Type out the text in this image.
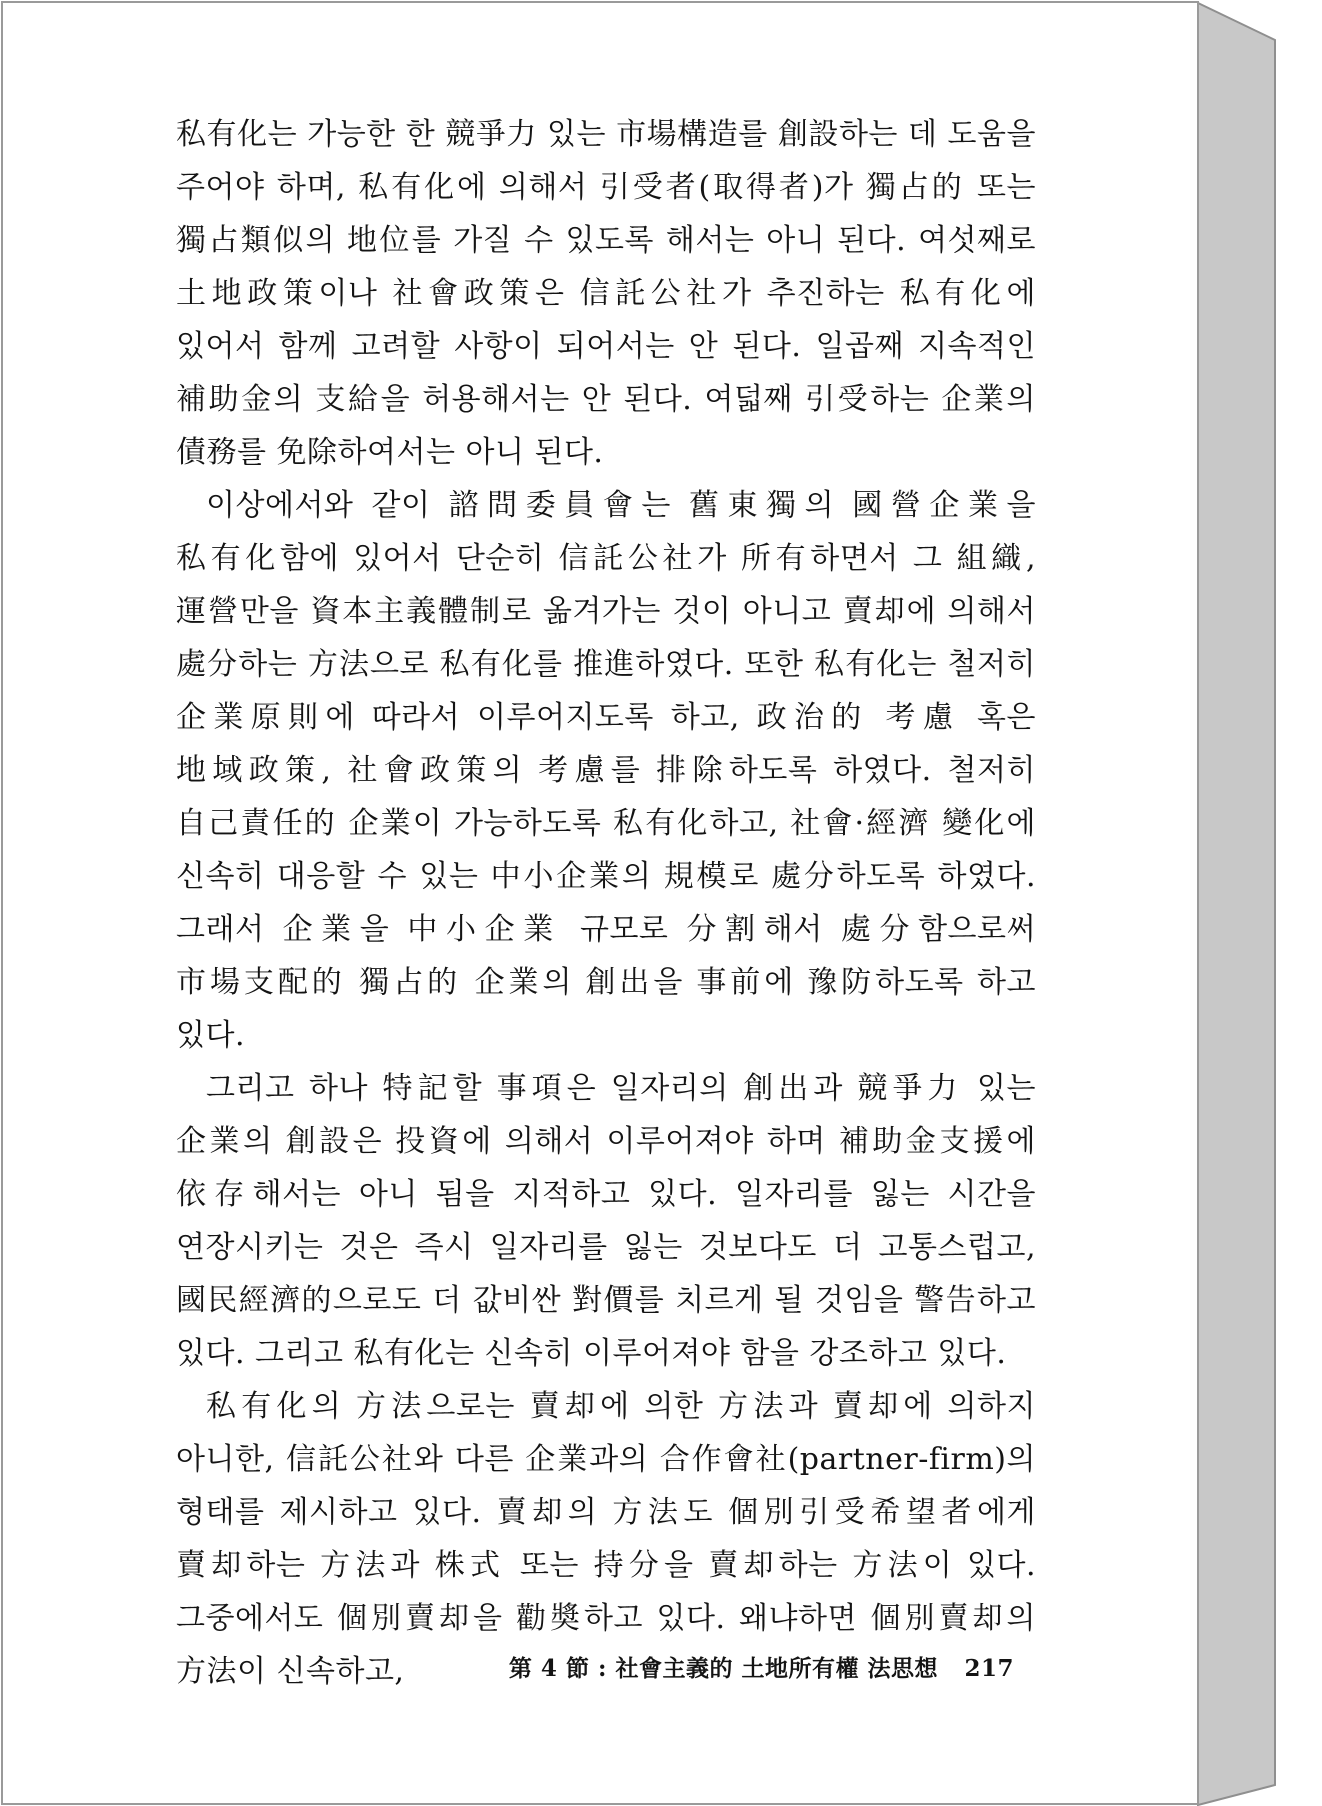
私有化는 가능한 한 競爭力 있는 市場構造를 創設하는 데 도움을 주어야 하며, 私有化에 의해서 引受者(取得者)가 獨占的 또는 獨占類似의 地位를 가질 수 있도록 해서는 아니 된다. 여섯째로 土地政策이나 社會政策은 信託公社가 추진하는 私有化에 있어서 함께 고려할 사항이 되어서는 안 된다. 일곱째 지속적인 補助金의 支給을 허용해서는 안 된다. 여덟째 引受하는 企業의 債務를 免除하여서는 아니 된다.

이상에서와 같이 諮問委員會는 舊東獨의 國營企業을 私有化함에 있어서 단순히 信託公社가 所有하면서 그 組織, 運營만을 資本主義體制로 옮겨가는 것이 아니고 賣却에 의해서 處分하는 方法으로 私有化를 推進하였다. 또한 私有化는 철저히 企業原則에 따라서 이루어지도록 하고, 政治的 考慮 혹은 地域政策, 社會政策의 考慮를 排除하도록 하였다. 철저히 自己責任的 企業이 가능하도록 私有化하고, 社會·經濟 變化에 신속히 대응할 수 있는 中小企業의 規模로 處分하도록 하였다. 그래서 企業을 中小企業 규모로 分割해서 處分함으로써 市場支配的 獨占的 企業의 創出을 事前에 豫防하도록 하고 있다.

그리고 하나 特記할 事項은 일자리의 創出과 競爭力 있는 企業의 創設은 投資에 의해서 이루어져야 하며 補助金支援에 依存해서는 아니 됨을 지적하고 있다. 일자리를 잃는 시간을 연장시키는 것은 즉시 일자리를 잃는 것보다도 더 고통스럽고, 國民經濟的으로도 더 값비싼 對價를 치르게 될 것임을 警告하고 있다. 그리고 私有化는 신속히 이루어져야 함을 강조하고 있다.

私有化의 方法으로는 賣却에 의한 方法과 賣却에 의하지 아니한, 信託公社와 다른 企業과의 合作會社(partner-firm)의 형태를 제시하고 있다. 賣却의 方法도 個別引受希望者에게 賣却하는 方法과 株式 또는 持分을 賣却하는 方法이 있다. 그중에서도 個別賣却을 勸奬하고 있다. 왜냐하면 個別賣却의 方法이 신속하고,	第 4 節 : 社會主義的 土地所有權 法思想 217
